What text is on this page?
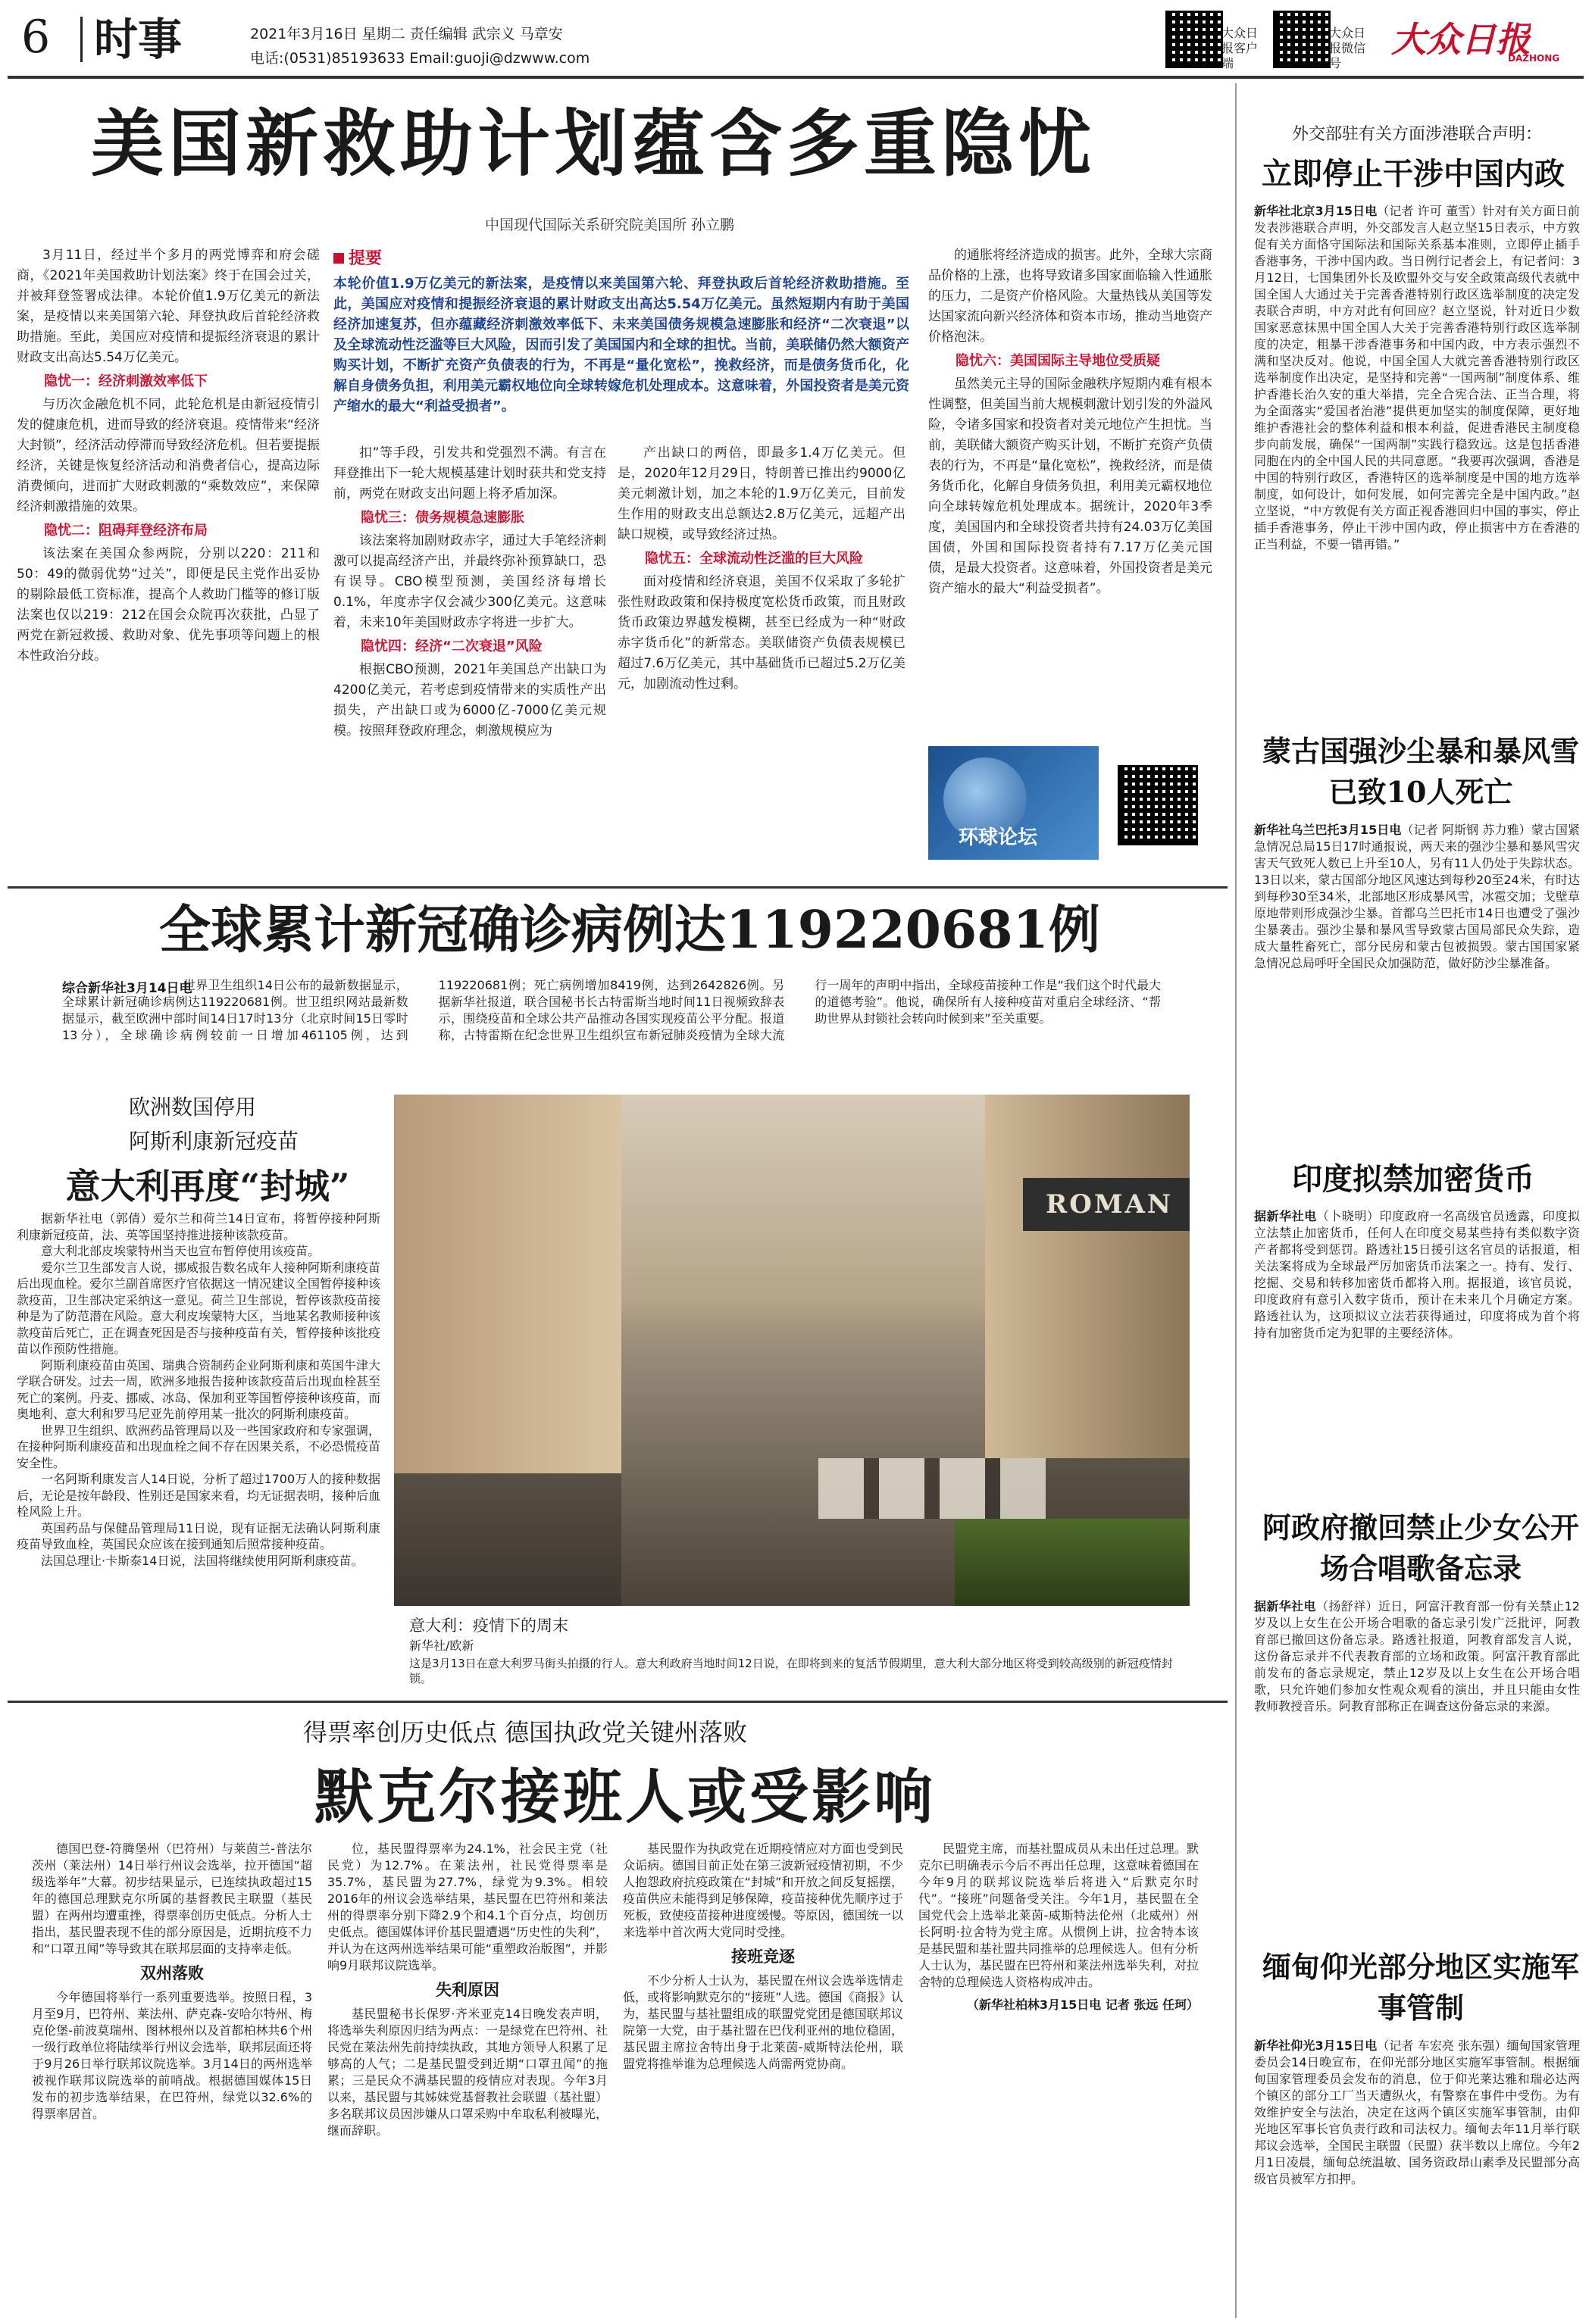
6 时事	2021年3月16日 星期二 责任编辑 武宗义 马章安
电话:(0531)85193633 Email:guoji@dzwww.com
大众日报客户端
大众日报微信号
大众日报
DAZHONG
美国新救助计划蕴含多重隐忧
中国现代国际关系研究院美国所 孙立鹏
提要
本轮价值1.9万亿美元的新法案，是疫情以来美国第六轮、拜登执政后首轮经济救助措施。至此，美国应对疫情和提振经济衰退的累计财政支出高达5.54万亿美元。虽然短期内有助于美国经济加速复苏，但亦蕴藏经济刺激效率低下、未来美国债务规模急速膨胀和经济“二次衰退”以及全球流动性泛滥等巨大风险，因而引发了美国国内和全球的担忧。当前，美联储仍然大额资产购买计划，不断扩充资产负债表的行为，不再是“量化宽松”，挽救经济，而是债务货币化，化解自身债务负担，利用美元霸权地位向全球转嫁危机处理成本。这意味着，外国投资者是美元资产缩水的最大“利益受损者”。

3月11日，经过半个多月的两党博弈和府会磋商，《2021年美国救助计划法案》终于在国会过关，并被拜登签署成法律。本轮价值1.9万亿美元的新法案，是疫情以来美国第六轮、拜登执政后首轮经济救助措施。至此，美国应对疫情和提振经济衰退的累计财政支出高达5.54万亿美元。

隐忧一：经济刺激效率低下

与历次金融危机不同，此轮危机是由新冠疫情引发的健康危机，进而导致的经济衰退。疫情带来“经济大封锁”，经济活动停滞而导致经济危机。但若要提振经济，关键是恢复经济活动和消费者信心，提高边际消费倾向，进而扩大财政刺激的“乘数效应”，来保障经济刺激措施的效果。

隐忧二：阻碍拜登经济布局

该法案在美国众参两院，分别以220：211和50：49的微弱优势“过关”，即便是民主党作出妥协的剔除最低工资标准，提高个人救助门槛等的修订版法案也仅以219：212在国会众院再次获批，凸显了两党在新冠救援、救助对象、优先事项等问题上的根本性政治分歧。

扣”等手段，引发共和党强烈不满。有言在拜登推出下一轮大规模基建计划时获共和党支持前，两党在财政支出问题上将矛盾加深。

隐忧三：债务规模急速膨胀

该法案将加剧财政赤字，通过大手笔经济刺激可以提高经济产出，并最终弥补预算缺口，恐有误导。CBO模型预测，美国经济每增长0.1%，年度赤字仅会减少300亿美元。这意味着，未来10年美国财政赤字将进一步扩大。

隐忧四：经济“二次衰退”风险

根据CBO预测，2021年美国总产出缺口为4200亿美元，若考虑到疫情带来的实质性产出损失，产出缺口或为6000亿-7000亿美元规模。按照拜登政府理念，刺激规模应为

产出缺口的两倍，即最多1.4万亿美元。但是，2020年12月29日，特朗普已推出约9000亿美元刺激计划，加之本轮的1.9万亿美元，目前发生作用的财政支出总额达2.8万亿美元，远超产出缺口规模，或导致经济过热。

隐忧五：全球流动性泛滥的巨大风险

面对疫情和经济衰退，美国不仅采取了多轮扩张性财政政策和保持极度宽松货币政策，而且财政货币政策边界越发模糊，甚至已经成为一种“财政赤字货币化”的新常态。美联储资产负债表规模已超过7.6万亿美元，其中基础货币已超过5.2万亿美元，加剧流动性过剩。

的通胀将经济造成的损害。此外，全球大宗商品价格的上涨，也将导致诸多国家面临输入性通胀的压力，二是资产价格风险。大量热钱从美国等发达国家流向新兴经济体和资本市场，推动当地资产价格泡沫。

隐忧六：美国国际主导地位受质疑

虽然美元主导的国际金融秩序短期内难有根本性调整，但美国当前大规模刺激计划引发的外溢风险，令诸多国家和投资者对美元地位产生担忧。当前，美联储大额资产购买计划，不断扩充资产负债表的行为，不再是“量化宽松”，挽救经济，而是债务货币化，化解自身债务负担，利用美元霸权地位向全球转嫁危机处理成本。据统计，2020年3季度，美国国内和全球投资者共持有24.03万亿美国国债，外国和国际投资者持有7.17万亿美元国债，是最大投资者。这意味着，外国投资者是美元资产缩水的最大“利益受损者”。

环球论坛
全球累计新冠确诊病例达119220681例
综合新华社3月14日电
世界卫生组织14日公布的最新数据显示，全球累计新冠确诊病例达119220681例。世卫组织网站最新数据显示，截至欧洲中部时间14日17时13分（北京时间15日零时13分），全球确诊病例较前一日增加461105例，达到119220681例；死亡病例增加8419例，达到2642826例。另据新华社报道，联合国秘书长古特雷斯当地时间11日视频致辞表示，围绕疫苗和全球公共产品推动各国实现疫苗公平分配。报道称，古特雷斯在纪念世界卫生组织宣布新冠肺炎疫情为全球大流行一周年的声明中指出，全球疫苗接种工作是“我们这个时代最大的道德考验”。他说，确保所有人接种疫苗对重启全球经济、“帮助世界从封锁社会转向时候到来”至关重要。
欧洲数国停用
阿斯利康新冠疫苗
意大利再度“封城”

据新华社电（郭倩）爱尔兰和荷兰14日宣布，将暂停接种阿斯利康新冠疫苗，法、英等国坚持推进接种该款疫苗。

意大利北部皮埃蒙特州当天也宣布暂停使用该疫苗。

爱尔兰卫生部发言人说，挪威报告数名成年人接种阿斯利康疫苗后出现血栓。爱尔兰副首席医疗官依据这一情况建议全国暂停接种该款疫苗，卫生部决定采纳这一意见。荷兰卫生部说，暂停该款疫苗接种是为了防范潜在风险。意大利皮埃蒙特大区，当地某名教师接种该款疫苗后死亡，正在调查死因是否与接种疫苗有关，暂停接种该批疫苗以作预防性措施。

阿斯利康疫苗由英国、瑞典合资制药企业阿斯利康和英国牛津大学联合研发。过去一周，欧洲多地报告接种该款疫苗后出现血栓甚至死亡的案例。丹麦、挪威、冰岛、保加利亚等国暂停接种该疫苗，而奥地利、意大利和罗马尼亚先前停用某一批次的阿斯利康疫苗。

世界卫生组织、欧洲药品管理局以及一些国家政府和专家强调，在接种阿斯利康疫苗和出现血栓之间不存在因果关系，不必恐慌疫苗安全性。

一名阿斯利康发言人14日说，分析了超过1700万人的接种数据后，无论是按年龄段、性别还是国家来看，均无证据表明，接种后血栓风险上升。

英国药品与保健品管理局11日说，现有证据无法确认阿斯利康疫苗导致血栓，英国民众应该在接到通知后照常接种疫苗。

法国总理让·卡斯泰14日说，法国将继续使用阿斯利康疫苗。

ROMAN
意大利：疫情下的周末
新华社/欧新
这是3月13日在意大利罗马街头拍摄的行人。意大利政府当地时间12日说，在即将到来的复活节假期里，意大利大部分地区将受到较高级别的新冠疫情封锁。
得票率创历史低点 德国执政党关键州落败
默克尔接班人或受影响

德国巴登-符腾堡州（巴符州）与莱茵兰-普法尔茨州（莱法州）14日举行州议会选举，拉开德国“超级选举年”大幕。初步结果显示，已连续执政超过15年的德国总理默克尔所属的基督教民主联盟（基民盟）在两州均遭重挫，得票率创历史低点。分析人士指出，基民盟表现不佳的部分原因是，近期抗疫不力和“口罩丑闻”等导致其在联邦层面的支持率走低。

双州落败

今年德国将举行一系列重要选举。按照日程，3月至9月，巴符州、莱法州、萨克森-安哈尔特州、梅克伦堡-前波莫瑞州、图林根州以及首都柏林共6个州一级行政单位将陆续举行州议会选举，联邦层面还将于9月26日举行联邦议院选举。3月14日的两州选举被视作联邦议院选举的前哨战。根据德国媒体15日发布的初步选举结果，在巴符州，绿党以32.6%的得票率居首。

位，基民盟得票率为24.1%，社会民主党（社民党）为12.7%。在莱法州，社民党得票率是35.7%，基民盟为27.7%，绿党为9.3%。相较2016年的州议会选举结果，基民盟在巴符州和莱法州的得票率分别下降2.9个和4.1个百分点，均创历史低点。德国媒体评价基民盟遭遇“历史性的失利”，并认为在这两州选举结果可能“重塑政治版图”，并影响9月联邦议院选举。

失利原因

基民盟秘书长保罗·齐米亚克14日晚发表声明，将选举失利原因归结为两点：一是绿党在巴符州、社民党在莱法州先前持续执政，其地方领导人积累了足够高的人气；二是基民盟受到近期“口罩丑闻”的拖累；三是民众不满基民盟的疫情应对表现。今年3月以来，基民盟与其姊妹党基督教社会联盟（基社盟）多名联邦议员因涉嫌从口罩采购中牟取私利被曝光，继而辞职。

基民盟作为执政党在近期疫情应对方面也受到民众诟病。德国目前正处在第三波新冠疫情初期，不少人抱怨政府抗疫政策在“封城”和开放之间反复摇摆，疫苗供应未能得到足够保障，疫苗接种优先顺序过于死板，致使疫苗接种进度缓慢。等原因，德国统一以来选举中首次两大党同时受挫。

接班竞逐

不少分析人士认为，基民盟在州议会选举选情走低，或将影响默克尔的“接班”人选。德国《商报》认为，基民盟与基社盟组成的联盟党党团是德国联邦议院第一大党，由于基社盟在巴伐利亚州的地位稳固，基民盟主席拉舍特出身于北莱茵-威斯特法伦州，联盟党将推举谁为总理候选人尚需两党协商。

民盟党主席，而基社盟成员从未出任过总理。默克尔已明确表示今后不再出任总理，这意味着德国在今年9月的联邦议院选举后将进入“后默克尔时代”。“接班”问题备受关注。今年1月，基民盟在全国党代会上选举北莱茵-威斯特法伦州（北威州）州长阿明·拉舍特为党主席。从惯例上讲，拉舍特本该是基民盟和基社盟共同推举的总理候选人。但有分析人士认为，基民盟在巴符州和莱法州选举失利，对拉舍特的总理候选人资格构成冲击。

（新华社柏林3月15日电 记者 张远 任珂）

外交部驻有关方面涉港联合声明：
立即停止干涉中国内政
新华社北京3月15日电（记者 许可 董雪）针对有关方面日前发表涉港联合声明，外交部发言人赵立坚15日表示，中方敦促有关方面恪守国际法和国际关系基本准则，立即停止插手香港事务，干涉中国内政。当日例行记者会上，有记者问：3月12日，七国集团外长及欧盟外交与安全政策高级代表就中国全国人大通过关于完善香港特别行政区选举制度的决定发表联合声明，中方对此有何回应？赵立坚说，针对近日少数国家恶意抹黑中国全国人大关于完善香港特别行政区选举制度的决定，粗暴干涉香港事务和中国内政，中方表示强烈不满和坚决反对。他说，中国全国人大就完善香港特别行政区选举制度作出决定，是坚持和完善“一国两制”制度体系、维护香港长治久安的重大举措，完全合宪合法、正当合理，将为全面落实“爱国者治港”提供更加坚实的制度保障，更好地维护香港社会的整体利益和根本利益，促进香港民主制度稳步向前发展，确保“一国两制”实践行稳致远。这是包括香港同胞在内的全中国人民的共同意愿。“我要再次强调，香港是中国的特别行政区，香港特区的选举制度是中国的地方选举制度，如何设计，如何发展，如何完善完全是中国内政。”赵立坚说，“中方敦促有关方面正视香港回归中国的事实，停止插手香港事务，停止干涉中国内政，停止损害中方在香港的正当利益，不要一错再错。”
蒙古国强沙尘暴和暴风雪已致10人死亡
新华社乌兰巴托3月15日电（记者 阿斯钢 苏力雅）蒙古国紧急情况总局15日17时通报说，两天来的强沙尘暴和暴风雪灾害天气致死人数已上升至10人，另有11人仍处于失踪状态。13日以来，蒙古国部分地区风速达到每秒20至24米，有时达到每秒30至34米，北部地区形成暴风雪，冰雹交加；戈壁草原地带则形成强沙尘暴。首都乌兰巴托市14日也遭受了强沙尘暴袭击。强沙尘暴和暴风雪导致蒙古国局部民众失踪，造成大量牲畜死亡，部分民房和蒙古包被损毁。蒙古国国家紧急情况总局呼吁全国民众加强防范，做好防沙尘暴准备。
印度拟禁加密货币
据新华社电（卜晓明）印度政府一名高级官员透露，印度拟立法禁止加密货币，任何人在印度交易某些持有类似数字资产者都将受到惩罚。路透社15日援引这名官员的话报道，相关法案将成为全球最严厉加密货币法案之一。持有、发行、挖掘、交易和转移加密货币都将入刑。据报道，该官员说，印度政府有意引入数字货币，预计在未来几个月确定方案。路透社认为，这项拟议立法若获得通过，印度将成为首个将持有加密货币定为犯罪的主要经济体。
阿政府撤回禁止少女公开场合唱歌备忘录
据新华社电（扬舒祥）近日，阿富汗教育部一份有关禁止12岁及以上女生在公开场合唱歌的备忘录引发广泛批评，阿教育部已撤回这份备忘录。路透社报道，阿教育部发言人说，这份备忘录并不代表教育部的立场和政策。阿富汗教育部此前发布的备忘录规定，禁止12岁及以上女生在公开场合唱歌，只允许她们参加女性观众观看的演出，并且只能由女性教师教授音乐。阿教育部称正在调查这份备忘录的来源。
缅甸仰光部分地区实施军事管制
新华社仰光3月15日电（记者 车宏亮 张东强）缅甸国家管理委员会14日晚宣布，在仰光部分地区实施军事管制。根据缅甸国家管理委员会发布的消息，位于仰光莱达雅和瑞必达两个镇区的部分工厂当天遭纵火，有警察在事件中受伤。为有效维护安全与法治，决定在这两个镇区实施军事管制，由仰光地区军事长官负责行政和司法权力。缅甸去年11月举行联邦议会选举，全国民主联盟（民盟）获半数以上席位。今年2月1日凌晨，缅甸总统温敏、国务资政昂山素季及民盟部分高级官员被军方扣押。
